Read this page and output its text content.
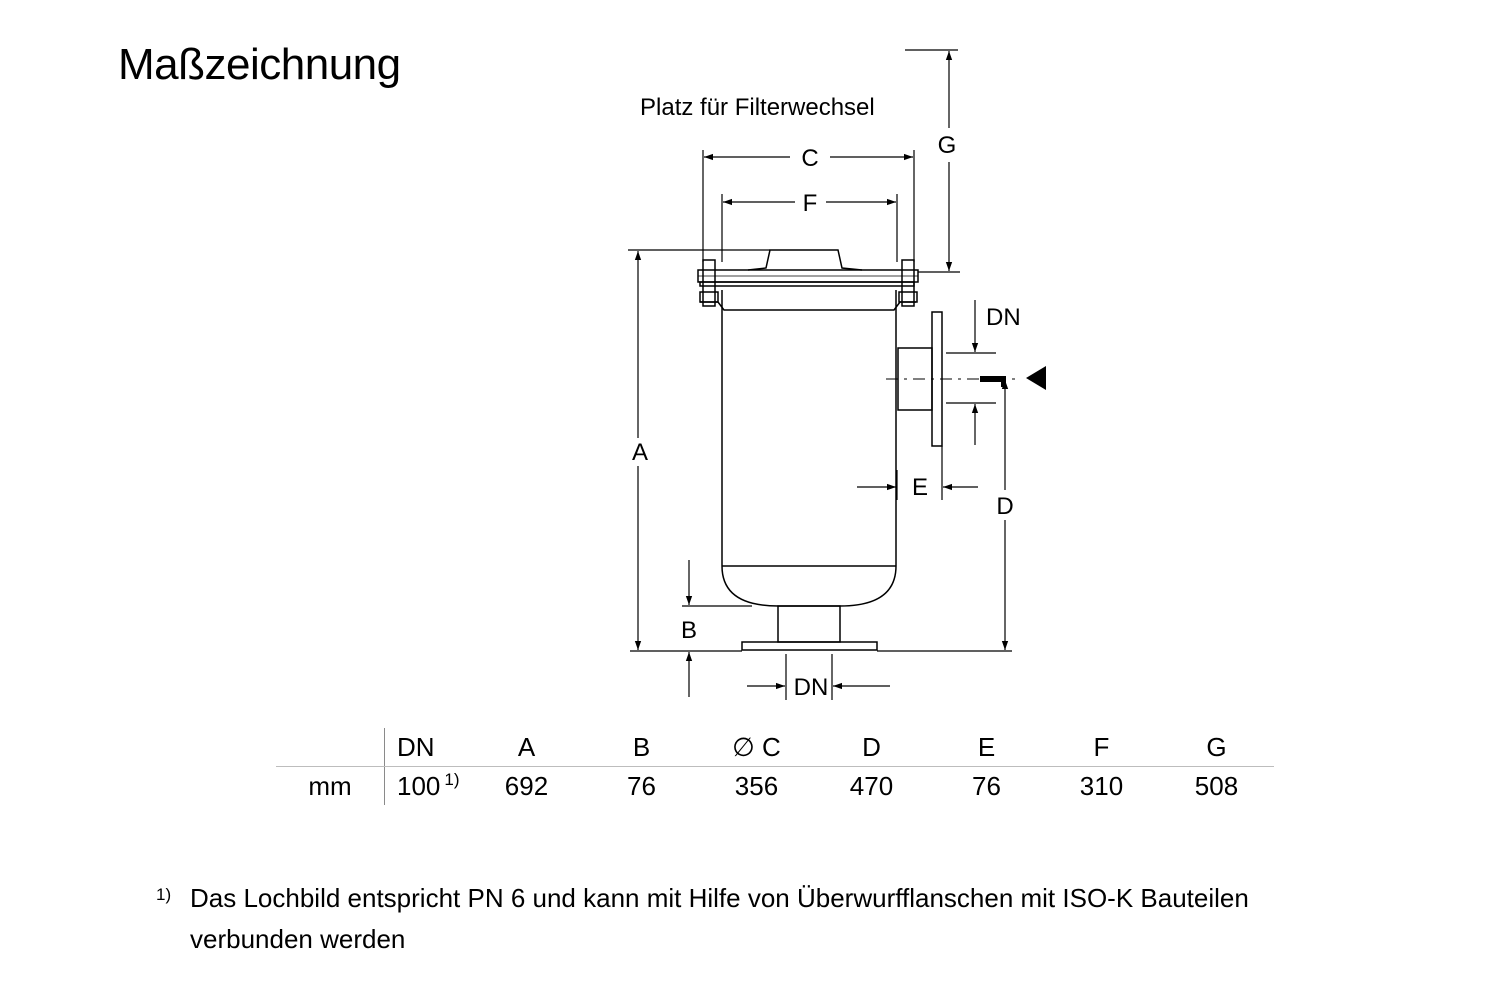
Maßzeichnung
Platz für Filterwechsel
C
F
G
A
B
D
E
DN
DN
	DN	A	B	∅ C	D	E	F	G
mm	100 $^{1)}$	692	76	356	470	76	310	508
1) Das Lochbild entspricht PN 6 und kann mit Hilfe von Überwurfflanschen mit ISO-K Bauteilen verbunden werden
